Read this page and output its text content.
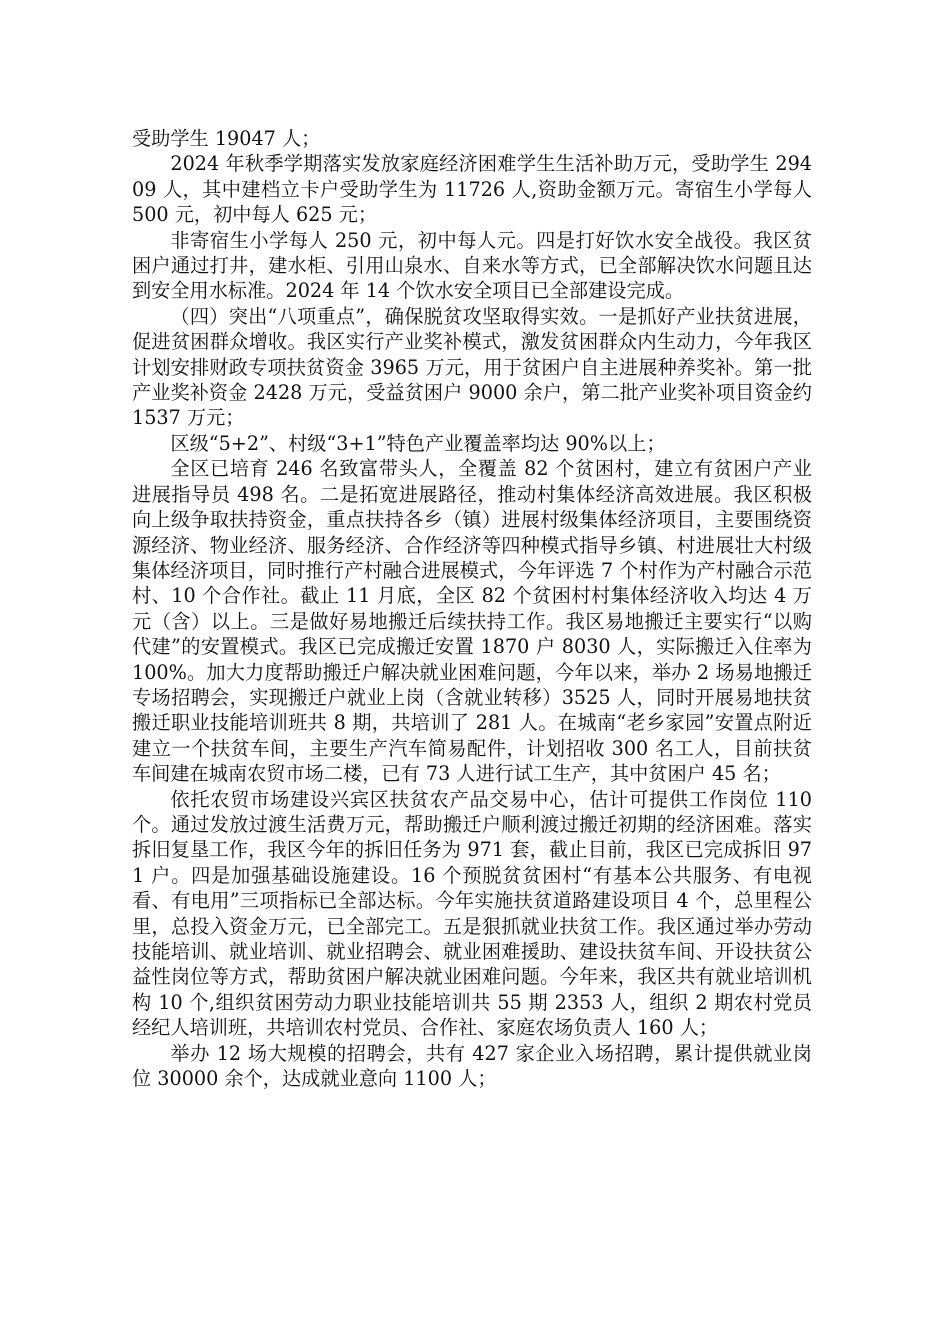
受助学生 19047 人；

2024 年秋季学期落实发放家庭经济困难学生生活补助万元，受助学生 29409 人，其中建档立卡户受助学生为 11726 人,资助金额万元。寄宿生小学每人 500 元，初中每人 625 元；

非寄宿生小学每人 250 元，初中每人元。四是打好饮水安全战役。我区贫困户通过打井，建水柜、引用山泉水、自来水等方式，已全部解决饮水问题且达到安全用水标准。2024 年 14 个饮水安全项目已全部建设完成。

（四）突出“八项重点”，确保脱贫攻坚取得实效。一是抓好产业扶贫进展，促进贫困群众增收。我区实行产业奖补模式，激发贫困群众内生动力，今年我区计划安排财政专项扶贫资金 3965 万元，用于贫困户自主进展种养奖补。第一批产业奖补资金 2428 万元，受益贫困户 9000 余户，第二批产业奖补项目资金约 1537 万元；

区级“5+2”、村级“3+1”特色产业覆盖率均达 90%以上；

全区已培育 246 名致富带头人，全覆盖 82 个贫困村，建立有贫困户产业进展指导员 498 名。二是拓宽进展路径，推动村集体经济高效进展。我区积极向上级争取扶持资金，重点扶持各乡（镇）进展村级集体经济项目，主要围绕资源经济、物业经济、服务经济、合作经济等四种模式指导乡镇、村进展壮大村级集体经济项目，同时推行产村融合进展模式，今年评选 7 个村作为产村融合示范村、10 个合作社。截止 11 月底，全区 82 个贫困村村集体经济收入均达 4 万元（含）以上。三是做好易地搬迁后续扶持工作。我区易地搬迁主要实行“以购代建”的安置模式。我区已完成搬迁安置 1870 户 8030 人，实际搬迁入住率为 100%。加大力度帮助搬迁户解决就业困难问题，今年以来，举办 2 场易地搬迁专场招聘会，实现搬迁户就业上岗（含就业转移）3525 人，同时开展易地扶贫搬迁职业技能培训班共 8 期，共培训了 281 人。在城南“老乡家园”安置点附近建立一个扶贫车间，主要生产汽车简易配件，计划招收 300 名工人，目前扶贫车间建在城南农贸市场二楼，已有 73 人进行试工生产，其中贫困户 45 名；

依托农贸市场建设兴宾区扶贫农产品交易中心，估计可提供工作岗位 110 个。通过发放过渡生活费万元，帮助搬迁户顺利渡过搬迁初期的经济困难。落实拆旧复垦工作，我区今年的拆旧任务为 971 套，截止目前，我区已完成拆旧 971 户。四是加强基础设施建设。16 个预脱贫贫困村“有基本公共服务、有电视看、有电用”三项指标已全部达标。今年实施扶贫道路建设项目 4 个，总里程公里，总投入资金万元，已全部完工。五是狠抓就业扶贫工作。我区通过举办劳动技能培训、就业培训、就业招聘会、就业困难援助、建设扶贫车间、开设扶贫公益性岗位等方式，帮助贫困户解决就业困难问题。今年来，我区共有就业培训机构 10 个,组织贫困劳动力职业技能培训共 55 期 2353 人，组织 2 期农村党员经纪人培训班，共培训农村党员、合作社、家庭农场负责人 160 人；

举办 12 场大规模的招聘会，共有 427 家企业入场招聘，累计提供就业岗位 30000 余个，达成就业意向 1100 人；
